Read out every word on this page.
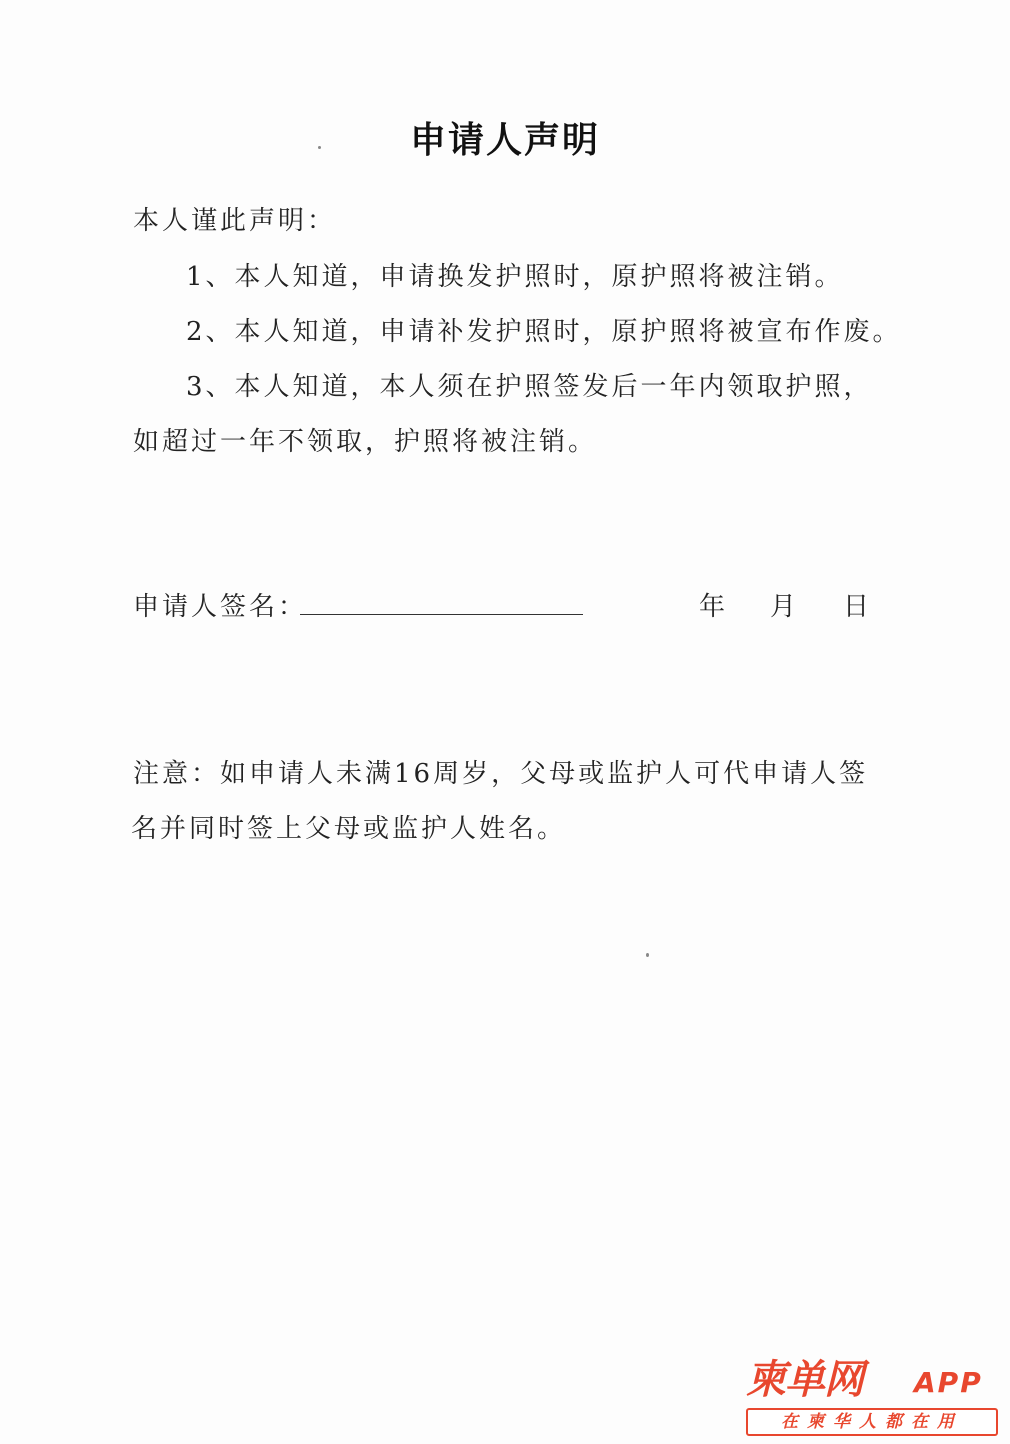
申请人声明
本人谨此声明：
1、本人知道，申请换发护照时，原护照将被注销。
2、本人知道，申请补发护照时，原护照将被宣布作废。
3、本人知道，本人须在护照签发后一年内领取护照，
如超过一年不领取，护照将被注销。
申请人签名：	年 月 日
注意：如申请人未满16周岁，父母或监护人可代申请人签
名并同时签上父母或监护人姓名。
柬单网 APP
在柬华人都在用
